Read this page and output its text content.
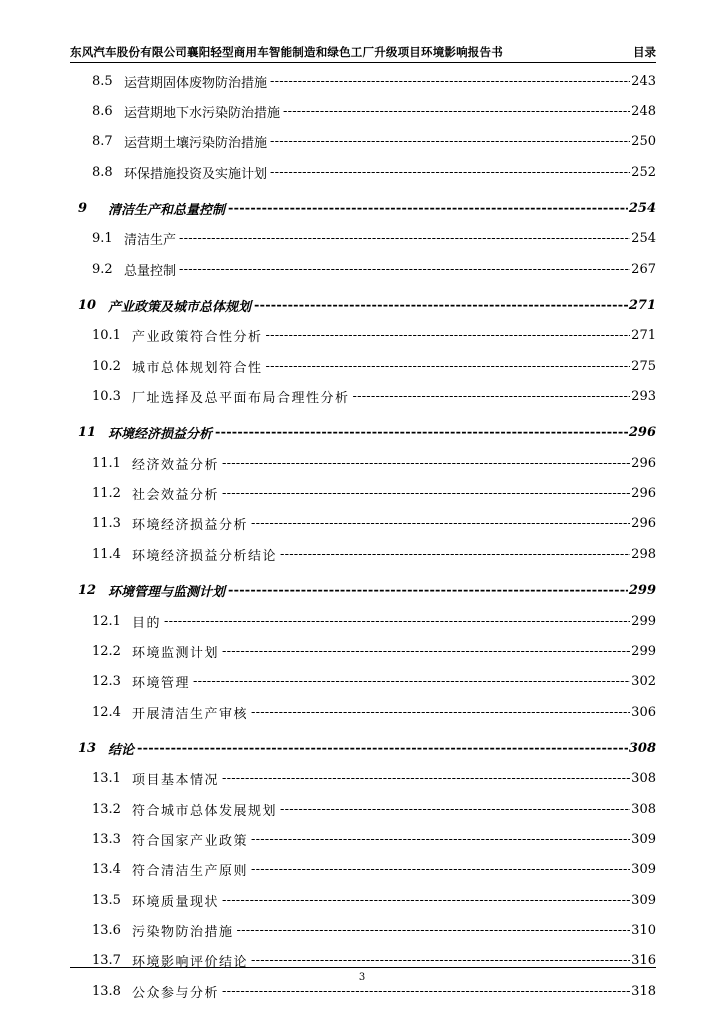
东风汽车股份有限公司襄阳轻型商用车智能制造和绿色工厂升级项目环境影响报告书	目录
8.5 运营期固体废物防治措施 -----	243
8.6 运营期地下水污染防治措施 -----	248
8.7 运营期土壤污染防治措施 -----	250
8.8 环保措施投资及实施计划 -----	252
9	清洁生产和总量控制 -----	254
9.1 清洁生产 -----	254
9.2 总量控制 -----	267
10 产业政策及城市总体规划 -----	271
10.1 产业政策符合性分析 -----	271
10.2 城市总体规划符合性 -----	275
10.3 厂址选择及总平面布局合理性分析 -----	293
11 环境经济损益分析 -----	296
11.1 经济效益分析 -----	296
11.2 社会效益分析 -----	296
11.3 环境经济损益分析 -----	296
11.4 环境经济损益分析结论 -----	298
12 环境管理与监测计划 -----	299
12.1 目的 -----	299
12.2 环境监测计划 -----	299
12.3 环境管理 -----	302
12.4 开展清洁生产审核 -----	306
13 结论 -----	308
13.1 项目基本情况 -----	308
13.2 符合城市总体发展规划 -----	308
13.3 符合国家产业政策 -----	309
13.4 符合清洁生产原则 -----	309
13.5 环境质量现状 -----	309
13.6 污染物防治措施 -----	310
13.7 环境影响评价结论 -----	316
13.8 公众参与分析 -----	318
3
